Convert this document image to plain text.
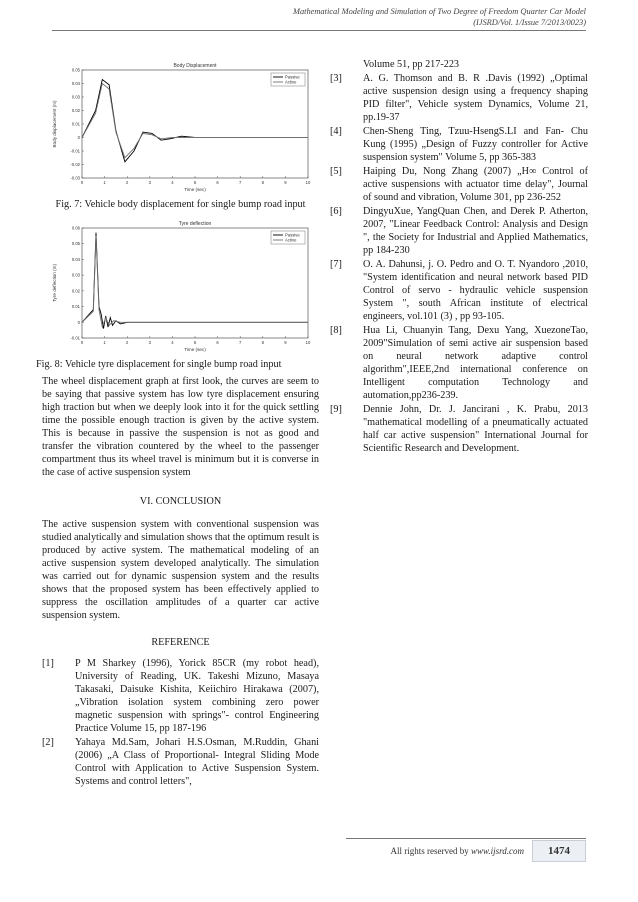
Mathematical Modeling and Simulation of Two Degree of Freedom Quarter Car Model
(IJSRD/Vol. 1/Issue 7/2013/0023)
Body Displacement
0	1	2	3	4	5	6	7	8	9	10
0.05
0.04
0.03
0.02
0.01
0
-0.01
-0.02
-0.03
Time (sec)
Body displacement (m)
Passive
Active
Fig. 7: Vehicle body displacement for single bump road input
Tyre deflection
0	1	2	3	4	5	6	7	8	9	10
0.06
0.05
0.04
0.03
0.02
0.01
0
-0.01
Time (sec)
Tyre deflection (m)
Passive
Active
Fig. 8: Vehicle tyre displacement for single bump road input
The wheel displacement graph at first look, the curves are seem to be saying that passive system has low tyre displacement ensuring high traction but when we deeply look into it for the quick settling time the possible enough traction is given by the active system. This is because in passive the suspension is not as good and transfer the vibration countered by the wheel to the passenger compartment thus its wheel travel is minimum but it is converse in the case of active suspension system
VI. CONCLUSION
The active suspension system with conventional suspension was studied analytically and simulation shows that the optimum result is produced by active system. The mathematical modeling of an active suspension system developed analytically. The simulation was carried out for dynamic suspension system and the results shows that the proposed system has been effectively applied to suppress the oscillation amplitudes of a quarter car active suspension system.
REFERENCE
[1]	P M Sharkey (1996), Yorick 85CR (my robot head), University of Reading, UK. Takeshi Mizuno, Masaya Takasaki, Daisuke Kishita, Keiichiro Hirakawa (2007),„Vibration isolation system combining zero power magnetic suspension with springs"- control Engineering Practice Volume 15, pp 187-196
[2]	Yahaya Md.Sam, Johari H.S.Osman, M.Ruddin, Ghani (2006) „A Class of Proportional- Integral Sliding Mode Control with Application to Active Suspension System. Systems and control letters",
Volume 51, pp 217-223
[3]	A. G. Thomson and B. R .Davis (1992) „Optimal active suspension design using a frequency shaping PID filter", Vehicle system Dynamics, Volume 21, pp.19-37
[4]	Chen-Sheng Ting, Tzuu-HsengS.LI and Fan- Chu Kung (1995) „Design of Fuzzy controller for Active suspension system" Volume 5, pp 365-383
[5]	Haiping Du, Nong Zhang (2007) „H∞ Control of active suspensions with actuator time delay", Journal of sound and vibration, Volume 301, pp 236-252
[6]	DingyuXue, YangQuan Chen, and Derek P. Atherton, 2007, "Linear Feedback Control: Analysis and Design ", the Society for Industrial and Applied Mathematics, pp 184-230
[7]	O. A. Dahunsi, j. O. Pedro and O. T. Nyandoro ,2010, "System identification and neural network based PID Control of servo - hydraulic vehicle suspension System ", south African institute of electrical engineers, vol.101 (3) , pp 93-105.
[8]	Hua Li, Chuanyin Tang, Dexu Yang, XuezoneTao, 2009"Simulation of semi active air suspension based on neural network adaptive control algorithm",IEEE,2nd international conference on Intelligent computation Technology and automation,pp236-239.
[9]	Dennie John, Dr. J. Jancirani , K. Prabu, 2013 "mathematical modelling of a pneumatically actuated half car active suspension" International Journal for Scientific Research and Development.
All rights reserved by www.ijsrd.com	1474
